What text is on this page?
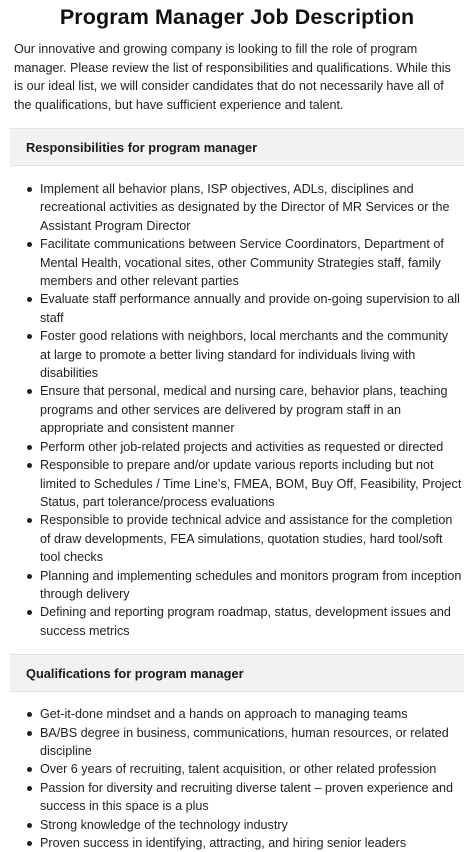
Program Manager Job Description

Our innovative and growing company is looking to fill the role of program manager. Please review the list of responsibilities and qualifications. While this is our ideal list, we will consider candidates that do not necessarily have all of the qualifications, but have sufficient experience and talent.

Responsibilities for program manager
Implement all behavior plans, ISP objectives, ADLs, disciplines and recreational activities as designated by the Director of MR Services or the Assistant Program Director
Facilitate communications between Service Coordinators, Department of Mental Health, vocational sites, other Community Strategies staff, family members and other relevant parties
Evaluate staff performance annually and provide on-going supervision to all staff
Foster good relations with neighbors, local merchants and the community at large to promote a better living standard for individuals living with disabilities
Ensure that personal, medical and nursing care, behavior plans, teaching programs and other services are delivered by program staff in an appropriate and consistent manner
Perform other job-related projects and activities as requested or directed
Responsible to prepare and/or update various reports including but not limited to Schedules / Time Line’s, FMEA, BOM, Buy Off, Feasibility, Project Status, part tolerance/process evaluations
Responsible to provide technical advice and assistance for the completion of draw developments, FEA simulations, quotation studies, hard tool/soft tool checks
Planning and implementing schedules and monitors program from inception through delivery
Defining and reporting program roadmap, status, development issues and success metrics
Qualifications for program manager
Get-it-done mindset and a hands on approach to managing teams
BA/BS degree in business, communications, human resources, or related discipline
Over 6 years of recruiting, talent acquisition, or other related profession
Passion for diversity and recruiting diverse talent – proven experience and success in this space is a plus
Strong knowledge of the technology industry
Proven success in identifying, attracting, and hiring senior leaders
